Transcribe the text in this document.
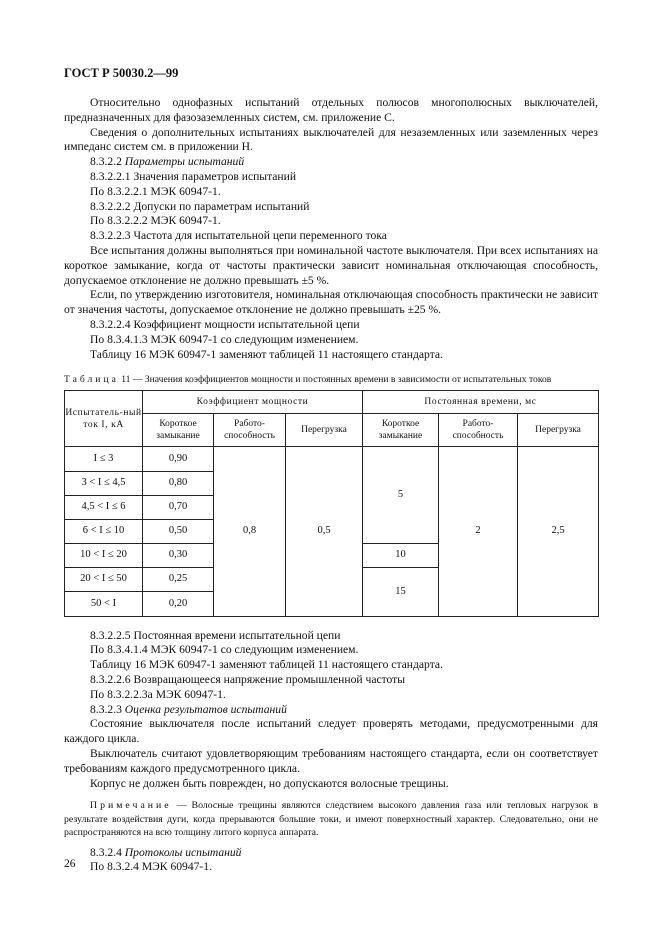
ГОСТ Р 50030.2—99

Относительно однофазных испытаний отдельных полюсов многополюсных выключателей, предназначенных для фазозаземленных систем, см. приложение С.

Сведения о дополнительных испытаниях выключателей для незаземленных или заземленных через импеданс систем см. в приложении Н.

8.3.2.2 Параметры испытаний

8.3.2.2.1 Значения параметров испытаний

По 8.3.2.2.1 МЭК 60947-1.

8.3.2.2.2 Допуски по параметрам испытаний

По 8.3.2.2.2 МЭК 60947-1.

8.3.2.2.3 Частота для испытательной цепи переменного тока

Все испытания должны выполняться при номинальной частоте выключателя. При всех испытаниях на короткое замыкание, когда от частоты практически зависит номинальная отключающая способность, допускаемое отклонение не должно превышать ±5 %.

Если, по утверждению изготовителя, номинальная отключающая способность практически не зависит от значения частоты, допускаемое отклонение не должно превышать ±25 %.

8.3.2.2.4 Коэффициент мощности испытательной цепи

По 8.3.4.1.3 МЭК 60947-1 со следующим изменением.

Таблицу 16 МЭК 60947-1 заменяют таблицей 11 настоящего стандарта.

Таблица 11 — Значения коэффициентов мощности и постоянных времени в зависимости от испытательных токов

Испытатель-ный ток I, кА	Коэффициент мощности			Постоянная времени, мс		
	Короткое замыкание	Работо-способность	Перегрузка	Короткое замыкание	Работо-способность	Перегрузка
I ≤ 3	0,90	0,8	0,5	5	2	2,5
3 < I ≤ 4,5	0,80					
4,5 < I ≤ 6	0,70					
6 < I ≤ 10	0,50					
10 < I ≤ 20	0,30			10		
20 < I ≤ 50	0,25			15		
50 < I	0,20					

8.3.2.2.5 Постоянная времени испытательной цепи

По 8.3.4.1.4 МЭК 60947-1 со следующим изменением.

Таблицу 16 МЭК 60947-1 заменяют таблицей 11 настоящего стандарта.

8.3.2.2.6 Возвращающееся напряжение промышленной частоты

По 8.3.2.2.3а МЭК 60947-1.

8.3.2.3 Оценка результатов испытаний

Состояние выключателя после испытаний следует проверять методами, предусмотренными для каждого цикла.

Выключатель считают удовлетворяющим требованиям настоящего стандарта, если он соответствует требованиям каждого предусмотренного цикла.

Корпус не должен быть поврежден, но допускаются волосные трещины.

Примечание — Волосные трещины являются следствием высокого давления газа или тепловых нагрузок в результате воздействия дуги, когда прерываются большие токи, и имеют поверхностный характер. Следовательно, они не распространяются на всю толщину литого корпуса аппарата.

8.3.2.4 Протоколы испытаний

По 8.3.2.4 МЭК 60947-1.

26
